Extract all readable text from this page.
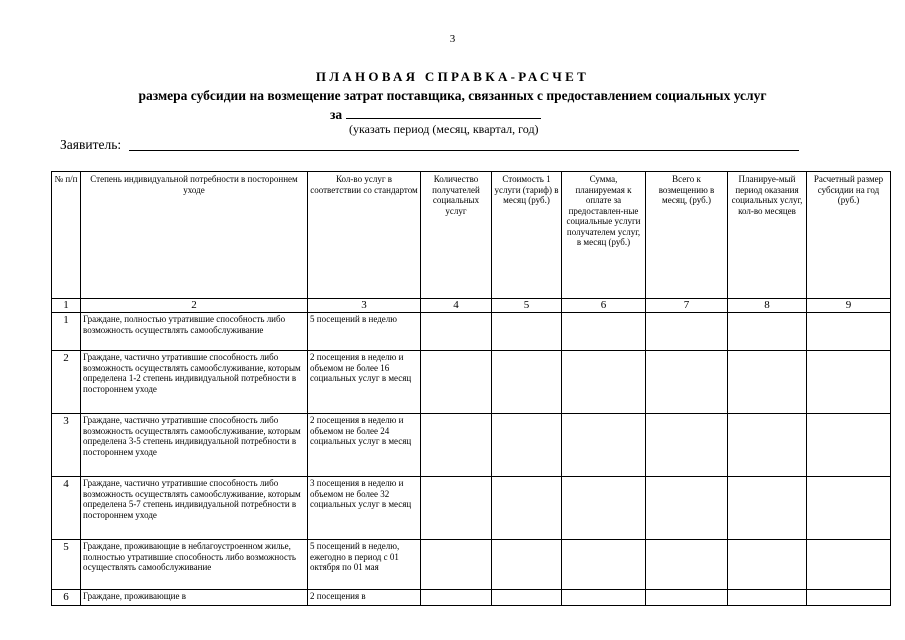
3
ПЛАНОВАЯ СПРАВКА-РАСЧЕТ
размера субсидии на возмещение затрат поставщика, связанных с предоставлением социальных услуг
за
(указать период (месяц, квартал, год)
Заявитель:
№ п/п	Степень индивидуальной потребности в постороннем уходе	Кол-во услуг в соответствии со стандартом	Количество получателей социальных услуг	Стоимость 1 услуги (тариф) в месяц (руб.)	Сумма, планируемая к оплате за предоставлен-ные социальные услуги получателем услуг, в месяц (руб.)	Всего к возмещению в месяц, (руб.)	Планируе-мый период оказания социальных услуг, кол-во месяцев	Расчетный размер субсидии на год (руб.)
1	2	3	4	5	6	7	8	9
1	Граждане, полностью утратившие способность либо возможность осуществлять самообслуживание	5 посещений в неделю						
2	Граждане, частично утратившие способность либо возможность осуществлять самообслуживание, которым определена 1-2 степень индивидуальной потребности в постороннем уходе	2 посещения в неделю и объемом не более 16 социальных услуг в месяц						
3	Граждане, частично утратившие способность либо возможность осуществлять самообслуживание, которым определена 3-5 степень индивидуальной потребности в постороннем уходе	2 посещения в неделю и объемом не более 24 социальных услуг в месяц						
4	Граждане, частично утратившие способность либо возможность осуществлять самообслуживание, которым определена 5-7 степень индивидуальной потребности в постороннем уходе	3 посещения в неделю и объемом не более 32 социальных услуг в месяц						
5	Граждане, проживающие в неблагоустроенном жилье, полностью утратившие способность либо возможность осуществлять самообслуживание	5 посещений в неделю, ежегодно в период с 01 октября по 01 мая						
6	Граждане, проживающие в	2 посещения в						
